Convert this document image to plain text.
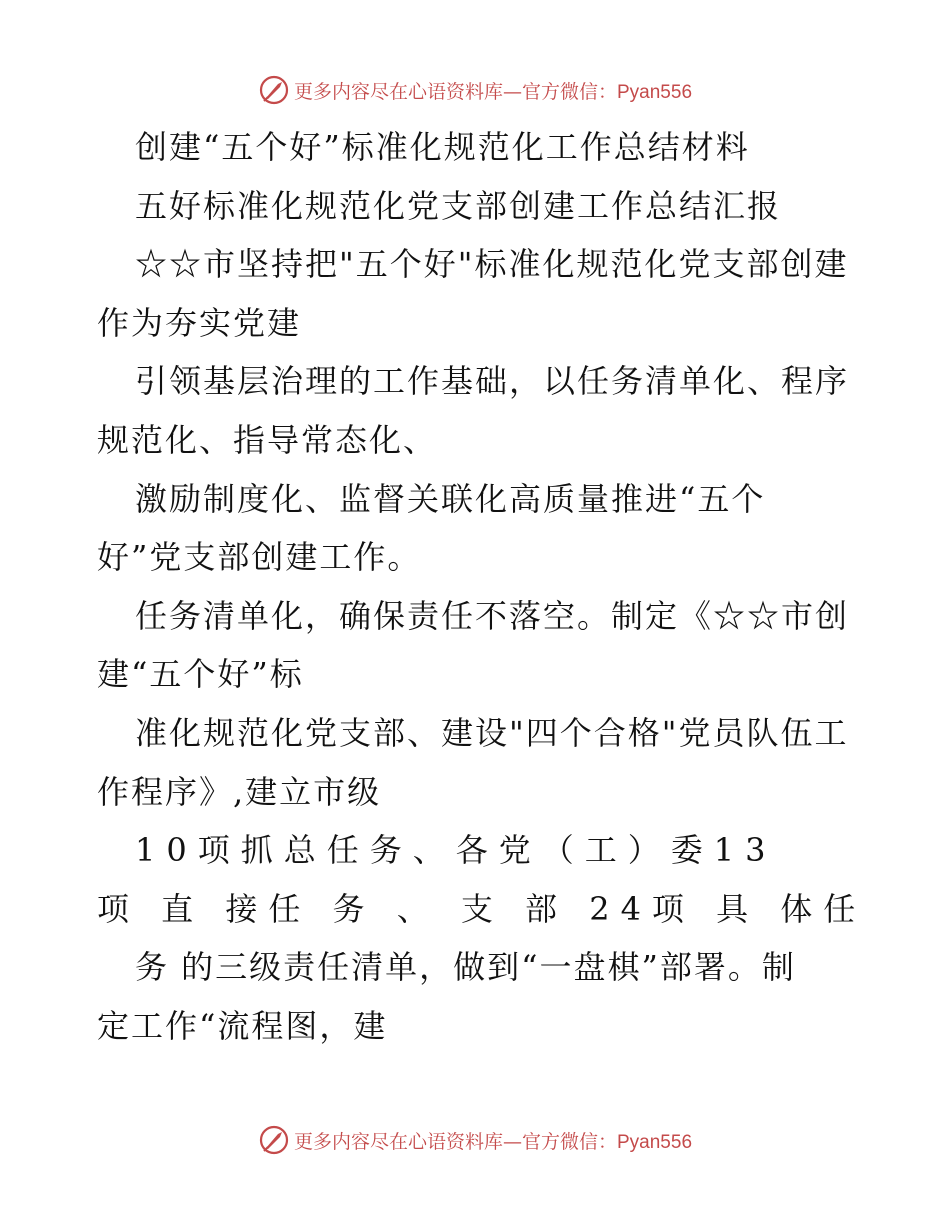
更多内容尽在心语资料库—官方微信：Pyan556
创建“五个好”标准化规范化工作总结材料
五好标准化规范化党支部创建工作总结汇报
☆☆市坚持把"五个好"标准化规范化党支部创建
作为夯实党建
引领基层治理的工作基础，以任务清单化、程序
规范化、指导常态化、
激励制度化、监督关联化高质量推进“五个
好”党支部创建工作。
任务清单化，确保责任不落空。制定《☆☆市创
建“五个好”标
准化规范化党支部、建设"四个合格"党员队伍工
作程序》,建立市级
10项抓总任务、各党（工）委13
项 直 接任 务 、 支 部 24项 具 体任
务 的三级责任清单，做到“一盘棋”部署。制
定工作“流程图，建
更多内容尽在心语资料库—官方微信：Pyan556
